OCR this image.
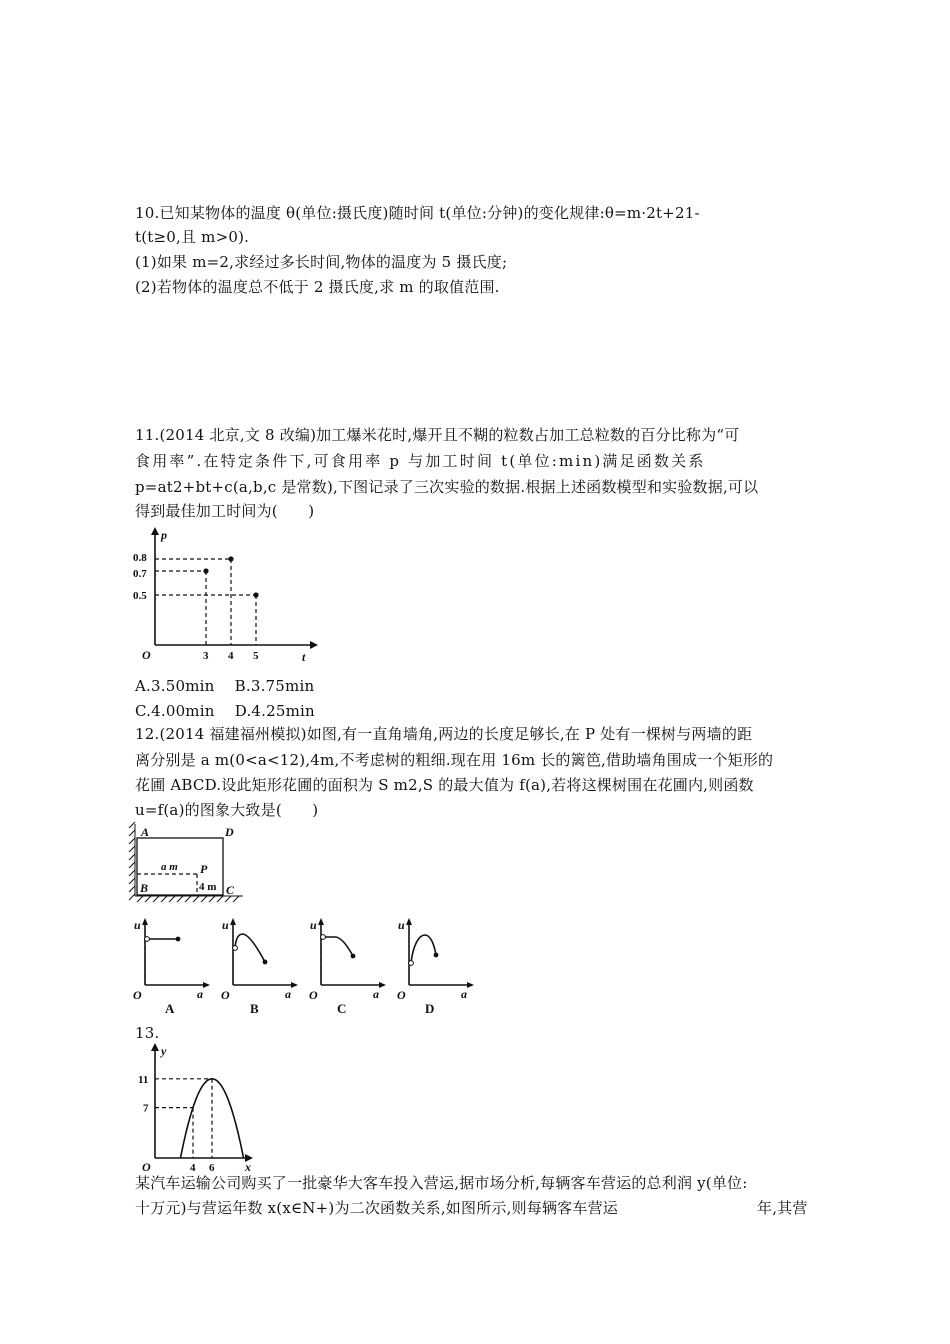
10.已知某物体的温度 θ(单位:摄氏度)随时间 t(单位:分钟)的变化规律:θ=m·2t+21-
t(t≥0,且 m>0).
(1)如果 m=2,求经过多长时间,物体的温度为 5 摄氏度;
(2)若物体的温度总不低于 2 摄氏度,求 m 的取值范围.
11.(2014 北京,文 8 改编)加工爆米花时,爆开且不糊的粒数占加工总粒数的百分比称为“可
食用率”.在特定条件下,可食用率 p 与加工时间 t(单位:min)满足函数关系
p=at2+bt+c(a,b,c 是常数),下图记录了三次实验的数据.根据上述函数模型和实验数据,可以
得到最佳加工时间为(　　)
p
t
O	3 4 5
0.8
0.7
0.5
A.3.50min　 B.3.75min
C.4.00min　 D.4.25min
12.(2014 福建福州模拟)如图,有一直角墙角,两边的长度足够长,在 P 处有一棵树与两墙的距
离分别是 a m(0<a<12),4m,不考虑树的粗细.现在用 16m 长的篱笆,借助墙角围成一个矩形的
花圃 ABCD.设此矩形花圃的面积为 S m2,S 的最大值为 f(a),若将这棵树围在花圃内,则函数
u=f(a)的图象大致是(　　)
A	D
B	C
P
a m
4 m
u
a
O
A
u
a
O
B
u
a
O
C
u
a
O
D
13.
y
x
O	4 6
11
7
某汽车运输公司购买了一批豪华大客车投入营运,据市场分析,每辆客车营运的总利润 y(单位:
十万元)与营运年数 x(x∈N+)为二次函数关系,如图所示,则每辆客车营运	年,其营
